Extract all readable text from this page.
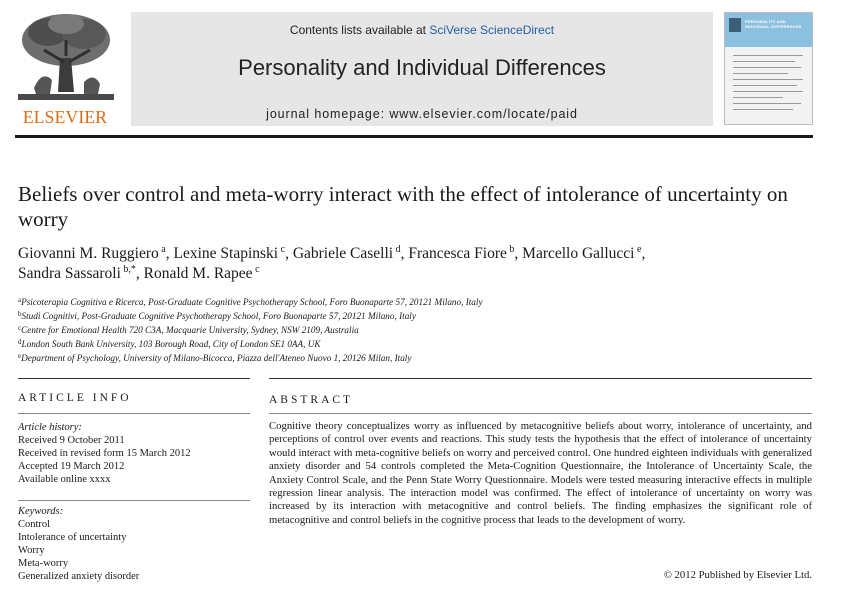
ELSEVIER
Contents lists available at SciVerse ScienceDirect
Personality and Individual Differences
journal homepage: www.elsevier.com/locate/paid
PERSONALITY AND INDIVIDUAL DIFFERENCES
Beliefs over control and meta-worry interact with the effect of intolerance of uncertainty on worry
Giovanni M. Ruggiero $^a$, Lexine Stapinski $^c$, Gabriele Caselli $^d$, Francesca Fiore $^b$, Marcello Gallucci $^e$,
Sandra Sassaroli $^{b,*}$, Ronald M. Rapee $^c$
$^a$Psicoterapia Cognitiva e Ricerca, Post-Graduate Cognitive Psychotherapy School, Foro Buonaparte 57, 20121 Milano, Italy
$^b$Studi Cognitivi, Post-Graduate Cognitive Psychotherapy School, Foro Buonaparte 57, 20121 Milano, Italy
$^c$Centre for Emotional Health 720 C3A, Macquarie University, Sydney, NSW 2109, Australia
$^d$London South Bank University, 103 Borough Road, City of London SE1 0AA, UK
$^e$Department of Psychology, University of Milano-Bicocca, Piazza dell'Ateneo Nuovo 1, 20126 Milan, Italy
ARTICLE INFO
Article history:
Received 9 October 2011
Received in revised form 15 March 2012
Accepted 19 March 2012
Available online xxxx
Keywords:
Control
Intolerance of uncertainty
Worry
Meta-worry
Generalized anxiety disorder
ABSTRACT
Cognitive theory conceptualizes worry as influenced by metacognitive beliefs about worry, intolerance of uncertainty, and perceptions of control over events and reactions. This study tests the hypothesis that the effect of intolerance of uncertainty would interact with meta-cognitive beliefs on worry and perceived control. One hundred eighteen individuals with generalized anxiety disorder and 54 controls completed the Meta-Cognition Questionnaire, the Intolerance of Uncertainty Scale, the Anxiety Control Scale, and the Penn State Worry Questionnaire. Models were tested measuring interactive effects in multiple regression linear analysis. The interaction model was confirmed. The effect of intolerance of uncertainty on worry was increased by its interaction with metacognitive and control beliefs. The finding emphasizes the significant role of metacognitive and control beliefs in the cognitive process that leads to the development of worry.
© 2012 Published by Elsevier Ltd.
